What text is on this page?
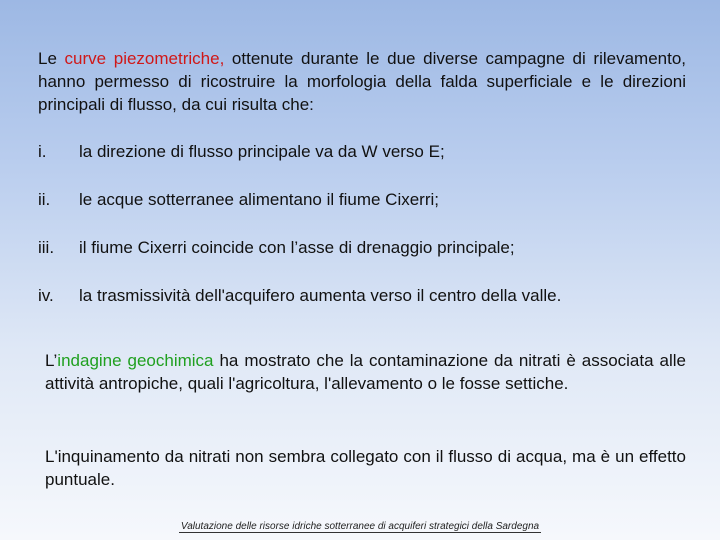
Le curve piezometriche, ottenute durante le due diverse campagne di rilevamento, hanno permesso di ricostruire la morfologia della falda superficiale e le direzioni principali di flusso, da cui risulta che:
i. la direzione di flusso principale va da W verso E;
ii. le acque sotterranee alimentano il fiume Cixerri;
iii. il fiume Cixerri coincide con l’asse di drenaggio principale;
iv. la trasmissività dell'acquifero aumenta verso il centro della valle.
L’indagine geochimica ha mostrato che la contaminazione da nitrati è associata alle attività antropiche, quali l'agricoltura, l'allevamento o le fosse settiche.
L'inquinamento da nitrati non sembra collegato con il flusso di acqua, ma è un effetto puntuale.
Valutazione delle risorse idriche sotterranee di acquiferi strategici della Sardegna
